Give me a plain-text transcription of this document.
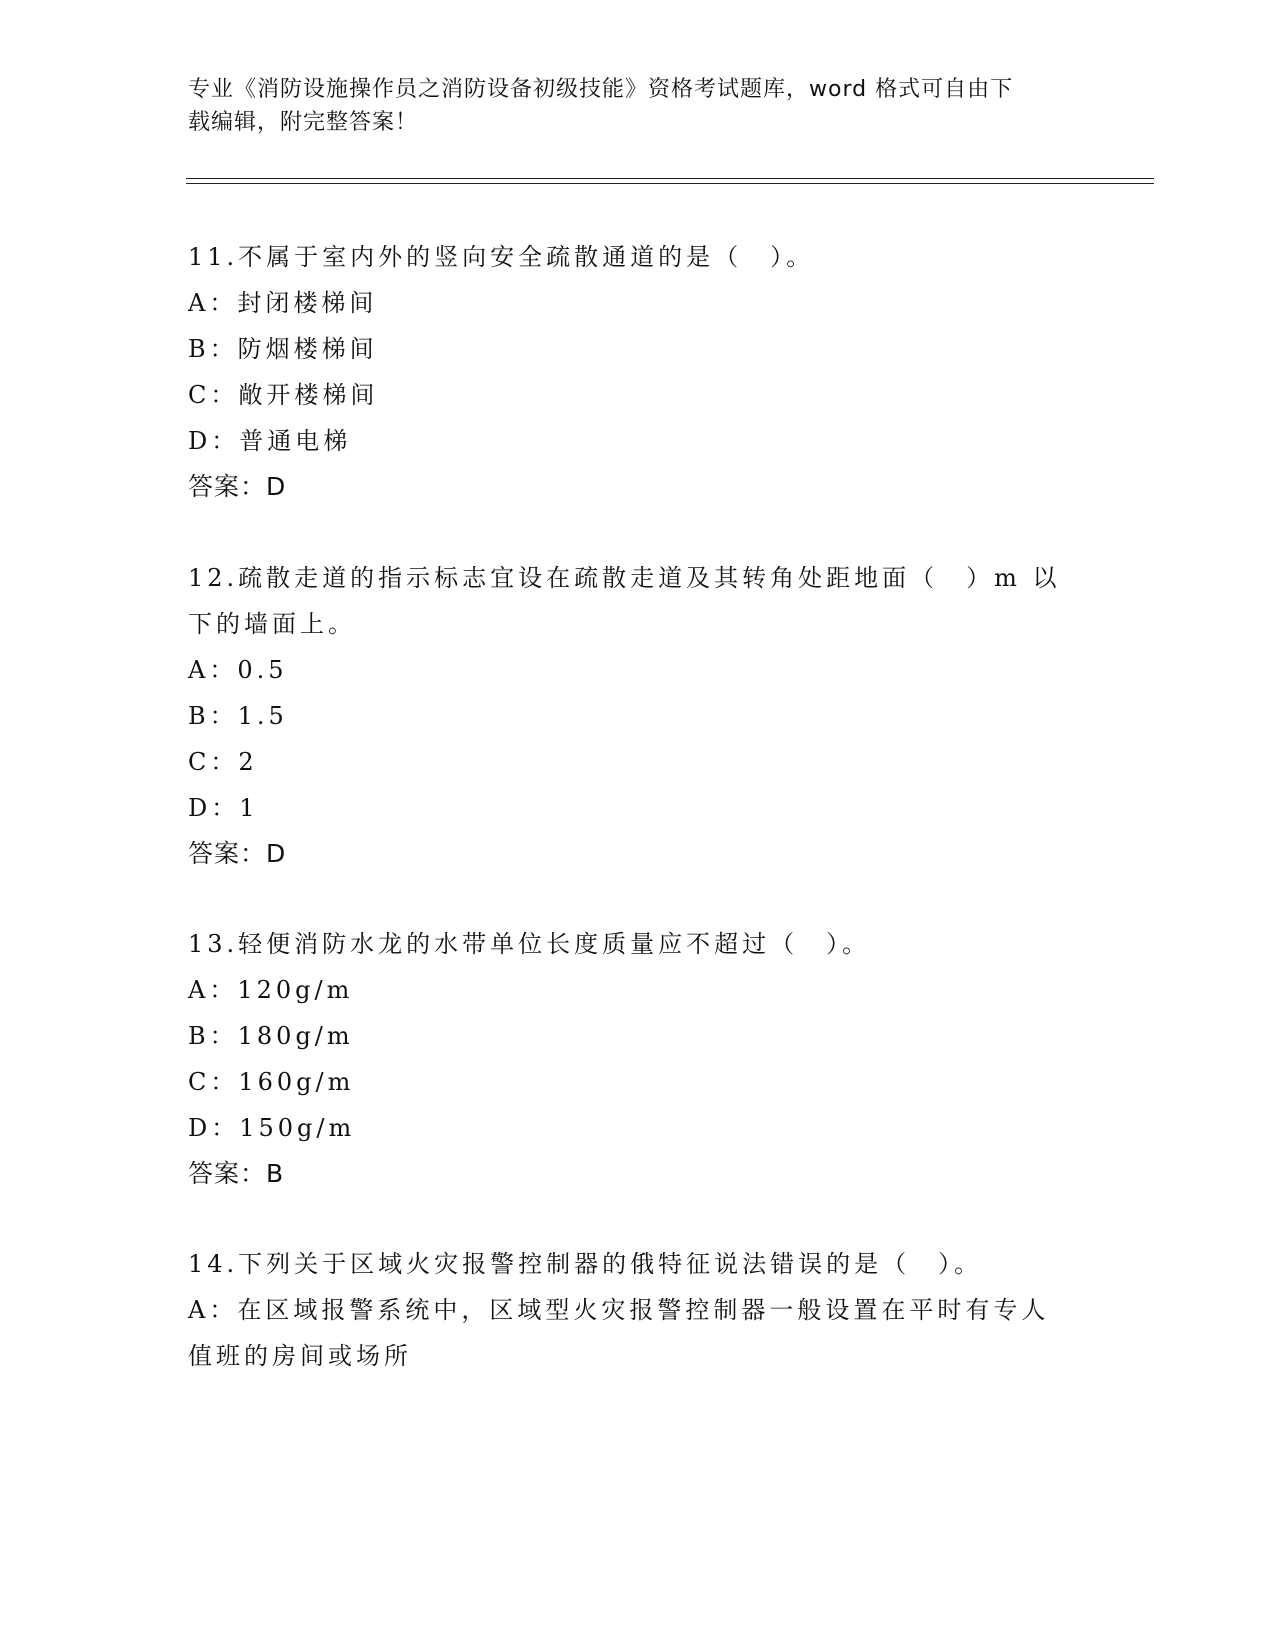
专业《消防设施操作员之消防设备初级技能》资格考试题库，word 格式可自由下
载编辑，附完整答案！
11.不属于室内外的竖向安全疏散通道的是（　）。
A：封闭楼梯间
B：防烟楼梯间
C：敞开楼梯间
D：普通电梯
答案：D
12.疏散走道的指示标志宜设在疏散走道及其转角处距地面（　）m 以
下的墙面上。
A：0.5
B：1.5
C：2
D：1
答案：D
13.轻便消防水龙的水带单位长度质量应不超过（　）。
A：120g/m
B：180g/m
C：160g/m
D：150g/m
答案：B
14.下列关于区域火灾报警控制器的俄特征说法错误的是（　）。
A：在区域报警系统中，区域型火灾报警控制器一般设置在平时有专人
值班的房间或场所
